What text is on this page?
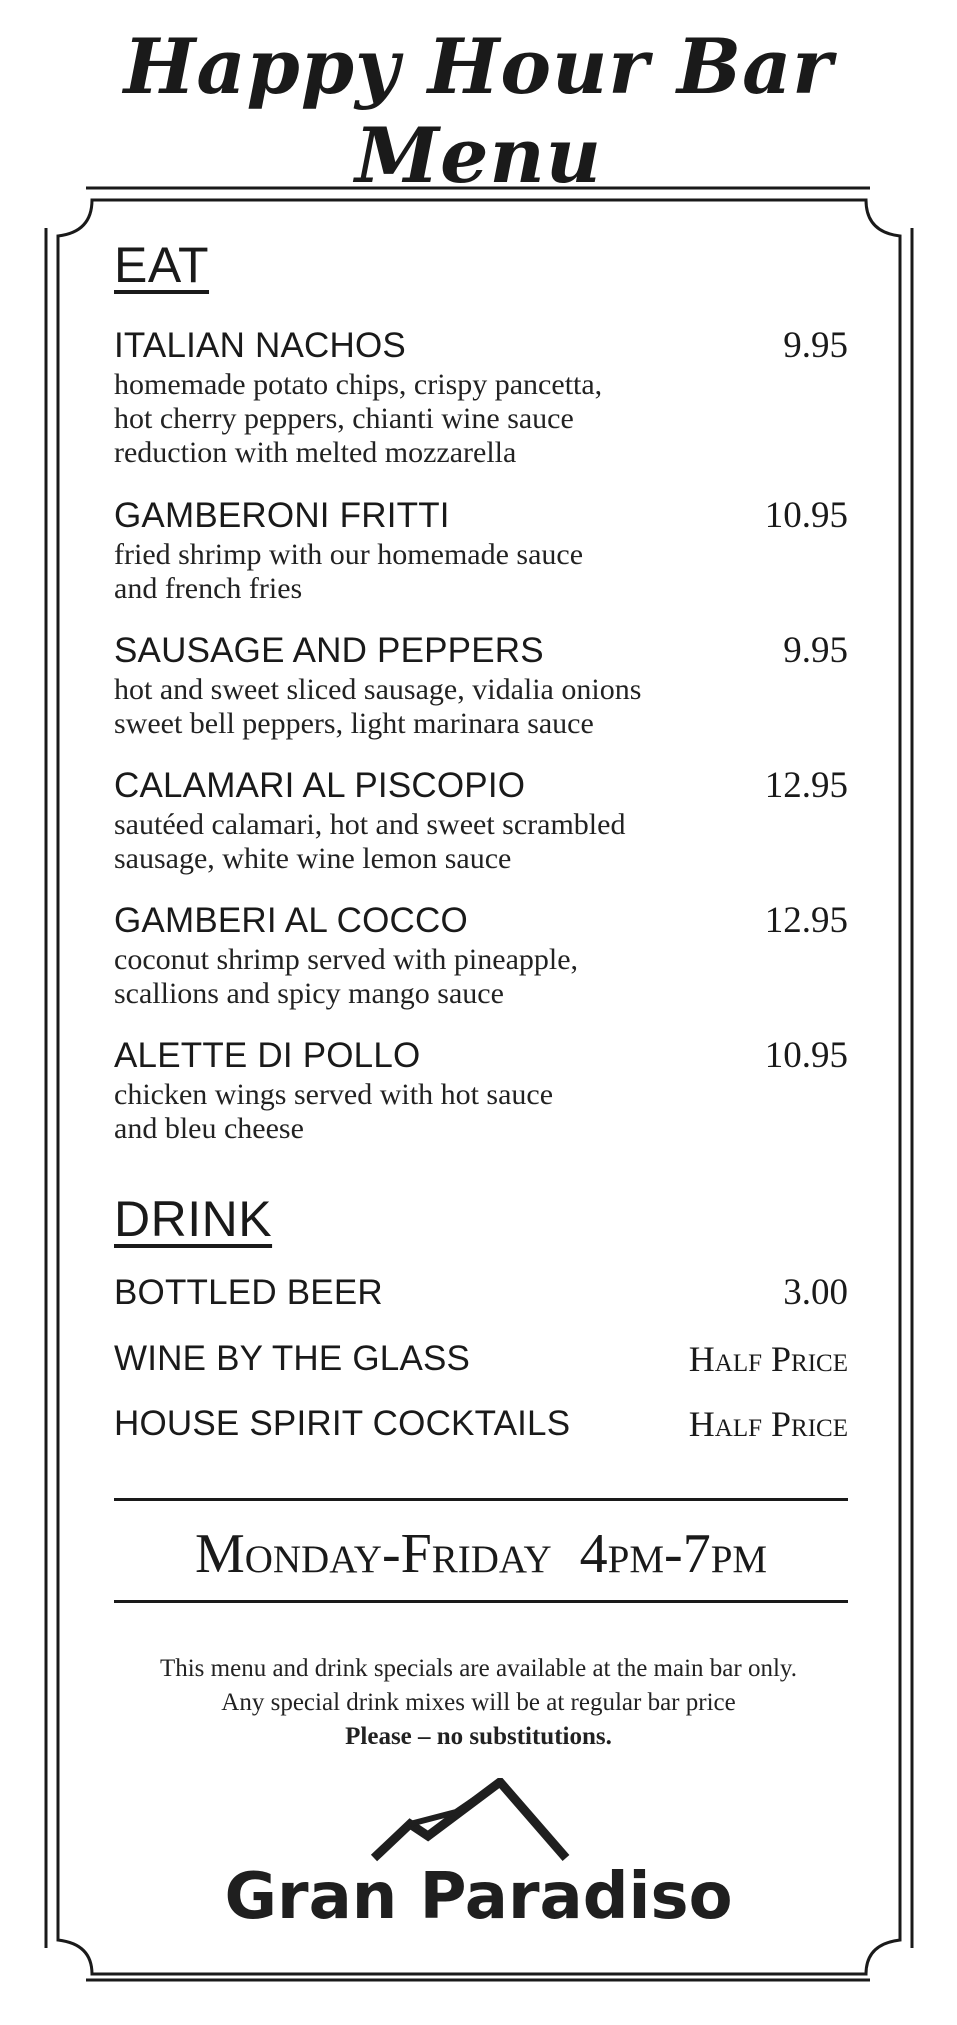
Happy Hour Bar Menu
EAT
ITALIAN NACHOS	9.95
homemade potato chips, crispy pancetta,
hot cherry peppers, chianti wine sauce
reduction with melted mozzarella
GAMBERONI FRITTI	10.95
fried shrimp with our homemade sauce
and french fries
SAUSAGE AND PEPPERS	9.95
hot and sweet sliced sausage, vidalia onions
sweet bell peppers, light marinara sauce
CALAMARI AL PISCOPIO	12.95
sautéed calamari, hot and sweet scrambled
sausage, white wine lemon sauce
GAMBERI AL COCCO	12.95
coconut shrimp served with pineapple,
scallions and spicy mango sauce
ALETTE DI POLLO	10.95
chicken wings served with hot sauce
and bleu cheese
DRINK
BOTTLED BEER	3.00
WINE BY THE GLASS	Half Price
HOUSE SPIRIT COCKTAILS	Half Price
Monday-Friday  4pm-7pm
This menu and drink specials are available at the main bar only.
Any special drink mixes will be at regular bar price
Please – no substitutions.
Gran Paradiso
